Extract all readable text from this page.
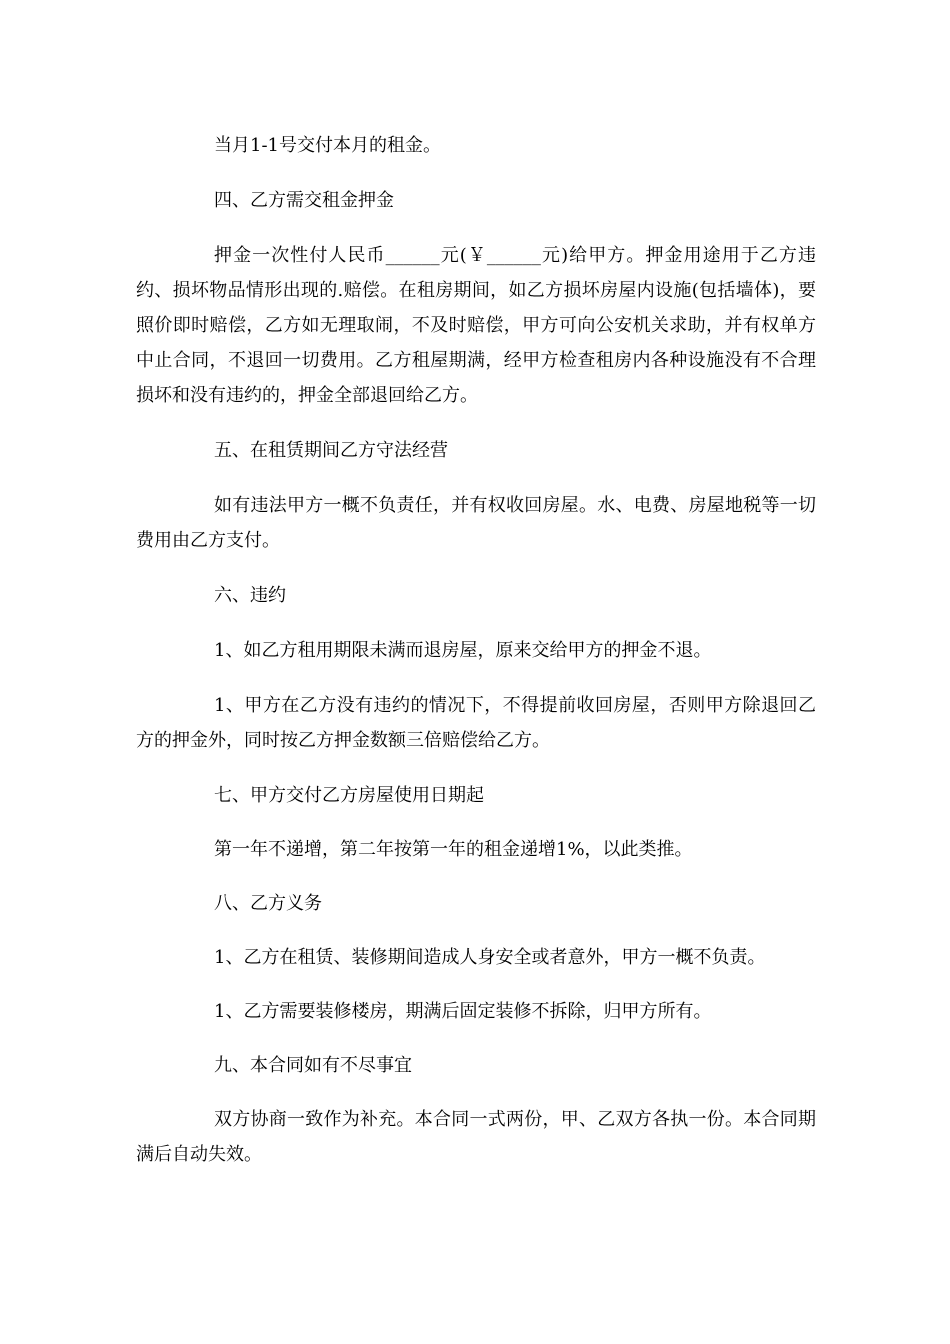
当月1-1号交付本月的租金。

四、乙方需交租金押金

押金一次性付人民币______元(￥______元)给甲方。押金用途用于乙方违约、损坏物品情形出现的.赔偿。在租房期间，如乙方损坏房屋内设施(包括墙体)，要照价即时赔偿，乙方如无理取闹，不及时赔偿，甲方可向公安机关求助，并有权单方中止合同，不退回一切费用。乙方租屋期满，经甲方检查租房内各种设施没有不合理损坏和没有违约的，押金全部退回给乙方。

五、在租赁期间乙方守法经营

如有违法甲方一概不负责任，并有权收回房屋。水、电费、房屋地税等一切费用由乙方支付。

六、违约

1、如乙方租用期限未满而退房屋，原来交给甲方的押金不退。

1、甲方在乙方没有违约的情况下，不得提前收回房屋，否则甲方除退回乙方的押金外，同时按乙方押金数额三倍赔偿给乙方。

七、甲方交付乙方房屋使用日期起

第一年不递增，第二年按第一年的租金递增1%，以此类推。

八、乙方义务

1、乙方在租赁、装修期间造成人身安全或者意外，甲方一概不负责。

1、乙方需要装修楼房，期满后固定装修不拆除，归甲方所有。

九、本合同如有不尽事宜

双方协商一致作为补充。本合同一式两份，甲、乙双方各执一份。本合同期满后自动失效。
